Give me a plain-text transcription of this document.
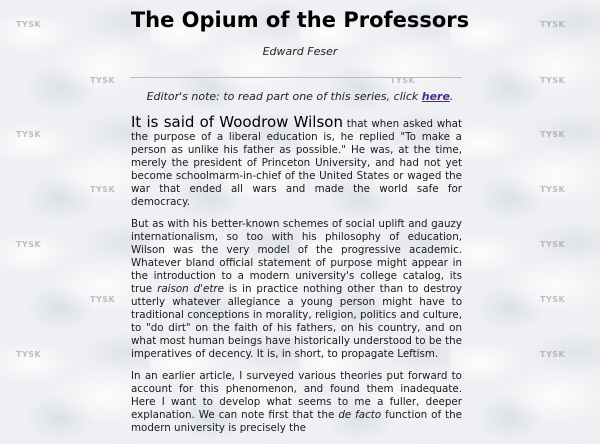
TYSK	TYSK
TYSK	TYSK	TYSK
TYSK	TYSK
TYSK	TYSK
TYSK	TYSK
TYSK	TYSK
TYSK	TYSK
The Opium of the Professors
Edward Feser
Editor's note: to read part one of this series, click here.

It is said of Woodrow Wilson that when asked what the purpose of a liberal education is, he replied "To make a person as unlike his father as possible." He was, at the time, merely the president of Princeton University, and had not yet become schoolmarm-in-chief of the United States or waged the war that ended all wars and made the world safe for democracy.

But as with his better-known schemes of social uplift and gauzy internationalism, so too with his philosophy of education, Wilson was the very model of the progressive academic. Whatever bland official statement of purpose might appear in the introduction to a modern university's college catalog, its true raison d'etre is in practice nothing other than to destroy utterly whatever allegiance a young person might have to traditional conceptions in morality, religion, politics and culture, to "do dirt" on the faith of his fathers, on his country, and on what most human beings have historically understood to be the imperatives of decency. It is, in short, to propagate Leftism.

In an earlier article, I surveyed various theories put forward to account for this phenomenon, and found them inadequate. Here I want to develop what seems to me a fuller, deeper explanation. We can note first that the de facto function of the modern university is precisely the
